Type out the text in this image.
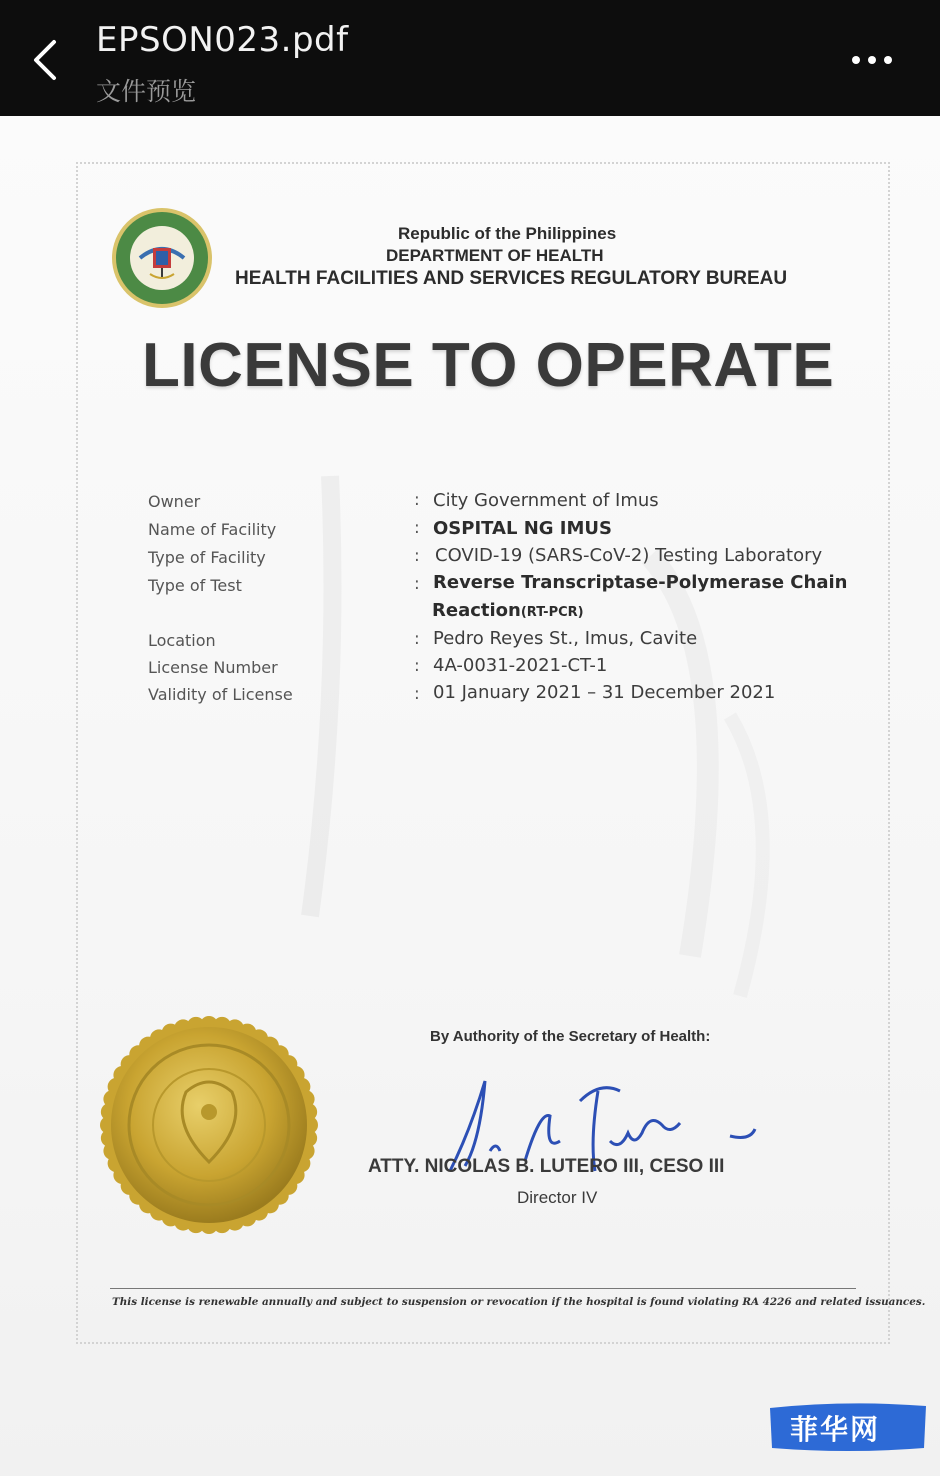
EPSON023.pdf
文件预览
Republic of the Philippines
DEPARTMENT OF HEALTH
HEALTH FACILITIES AND SERVICES REGULATORY BUREAU
LICENSE TO OPERATE
Owner	: City Government of Imus
Name of Facility	: OSPITAL NG IMUS
Type of Facility	: COVID-19 (SARS-CoV-2) Testing Laboratory
Type of Test	: Reverse Transcriptase-Polymerase Chain
Reaction(RT-PCR)
Location	: Pedro Reyes St., Imus, Cavite
License Number	: 4A-0031-2021-CT-1
Validity of License	: 01 January 2021 – 31 December 2021
By Authority of the Secretary of Health:
ATTY. NICOLAS B. LUTERO III, CESO III
Director IV
This license is renewable annually and subject to suspension or revocation if the hospital is found violating RA 4226 and related issuances.
菲华网
